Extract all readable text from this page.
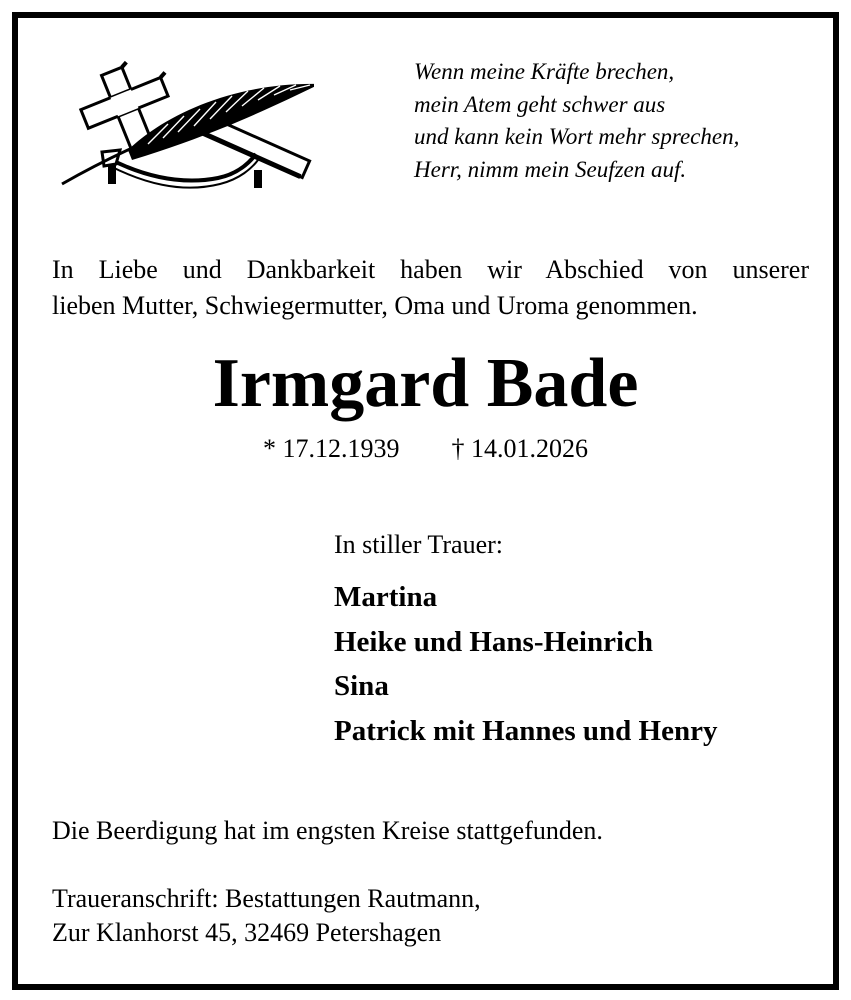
Wenn meine Kräfte brechen,
mein Atem geht schwer aus
und kann kein Wort mehr sprechen,
Herr, nimm mein Seufzen auf.
In Liebe und Dankbarkeit haben wir Abschied von unserer
lieben Mutter, Schwiegermutter, Oma und Uroma genommen.
Irmgard Bade
* 17.12.1939 † 14.01.2026
In stiller Trauer:
Martina
Heike und Hans-Heinrich
Sina
Patrick mit Hannes und Henry
Die Beerdigung hat im engsten Kreise stattgefunden.
Traueranschrift: Bestattungen Rautmann,
Zur Klanhorst 45, 32469 Petershagen
